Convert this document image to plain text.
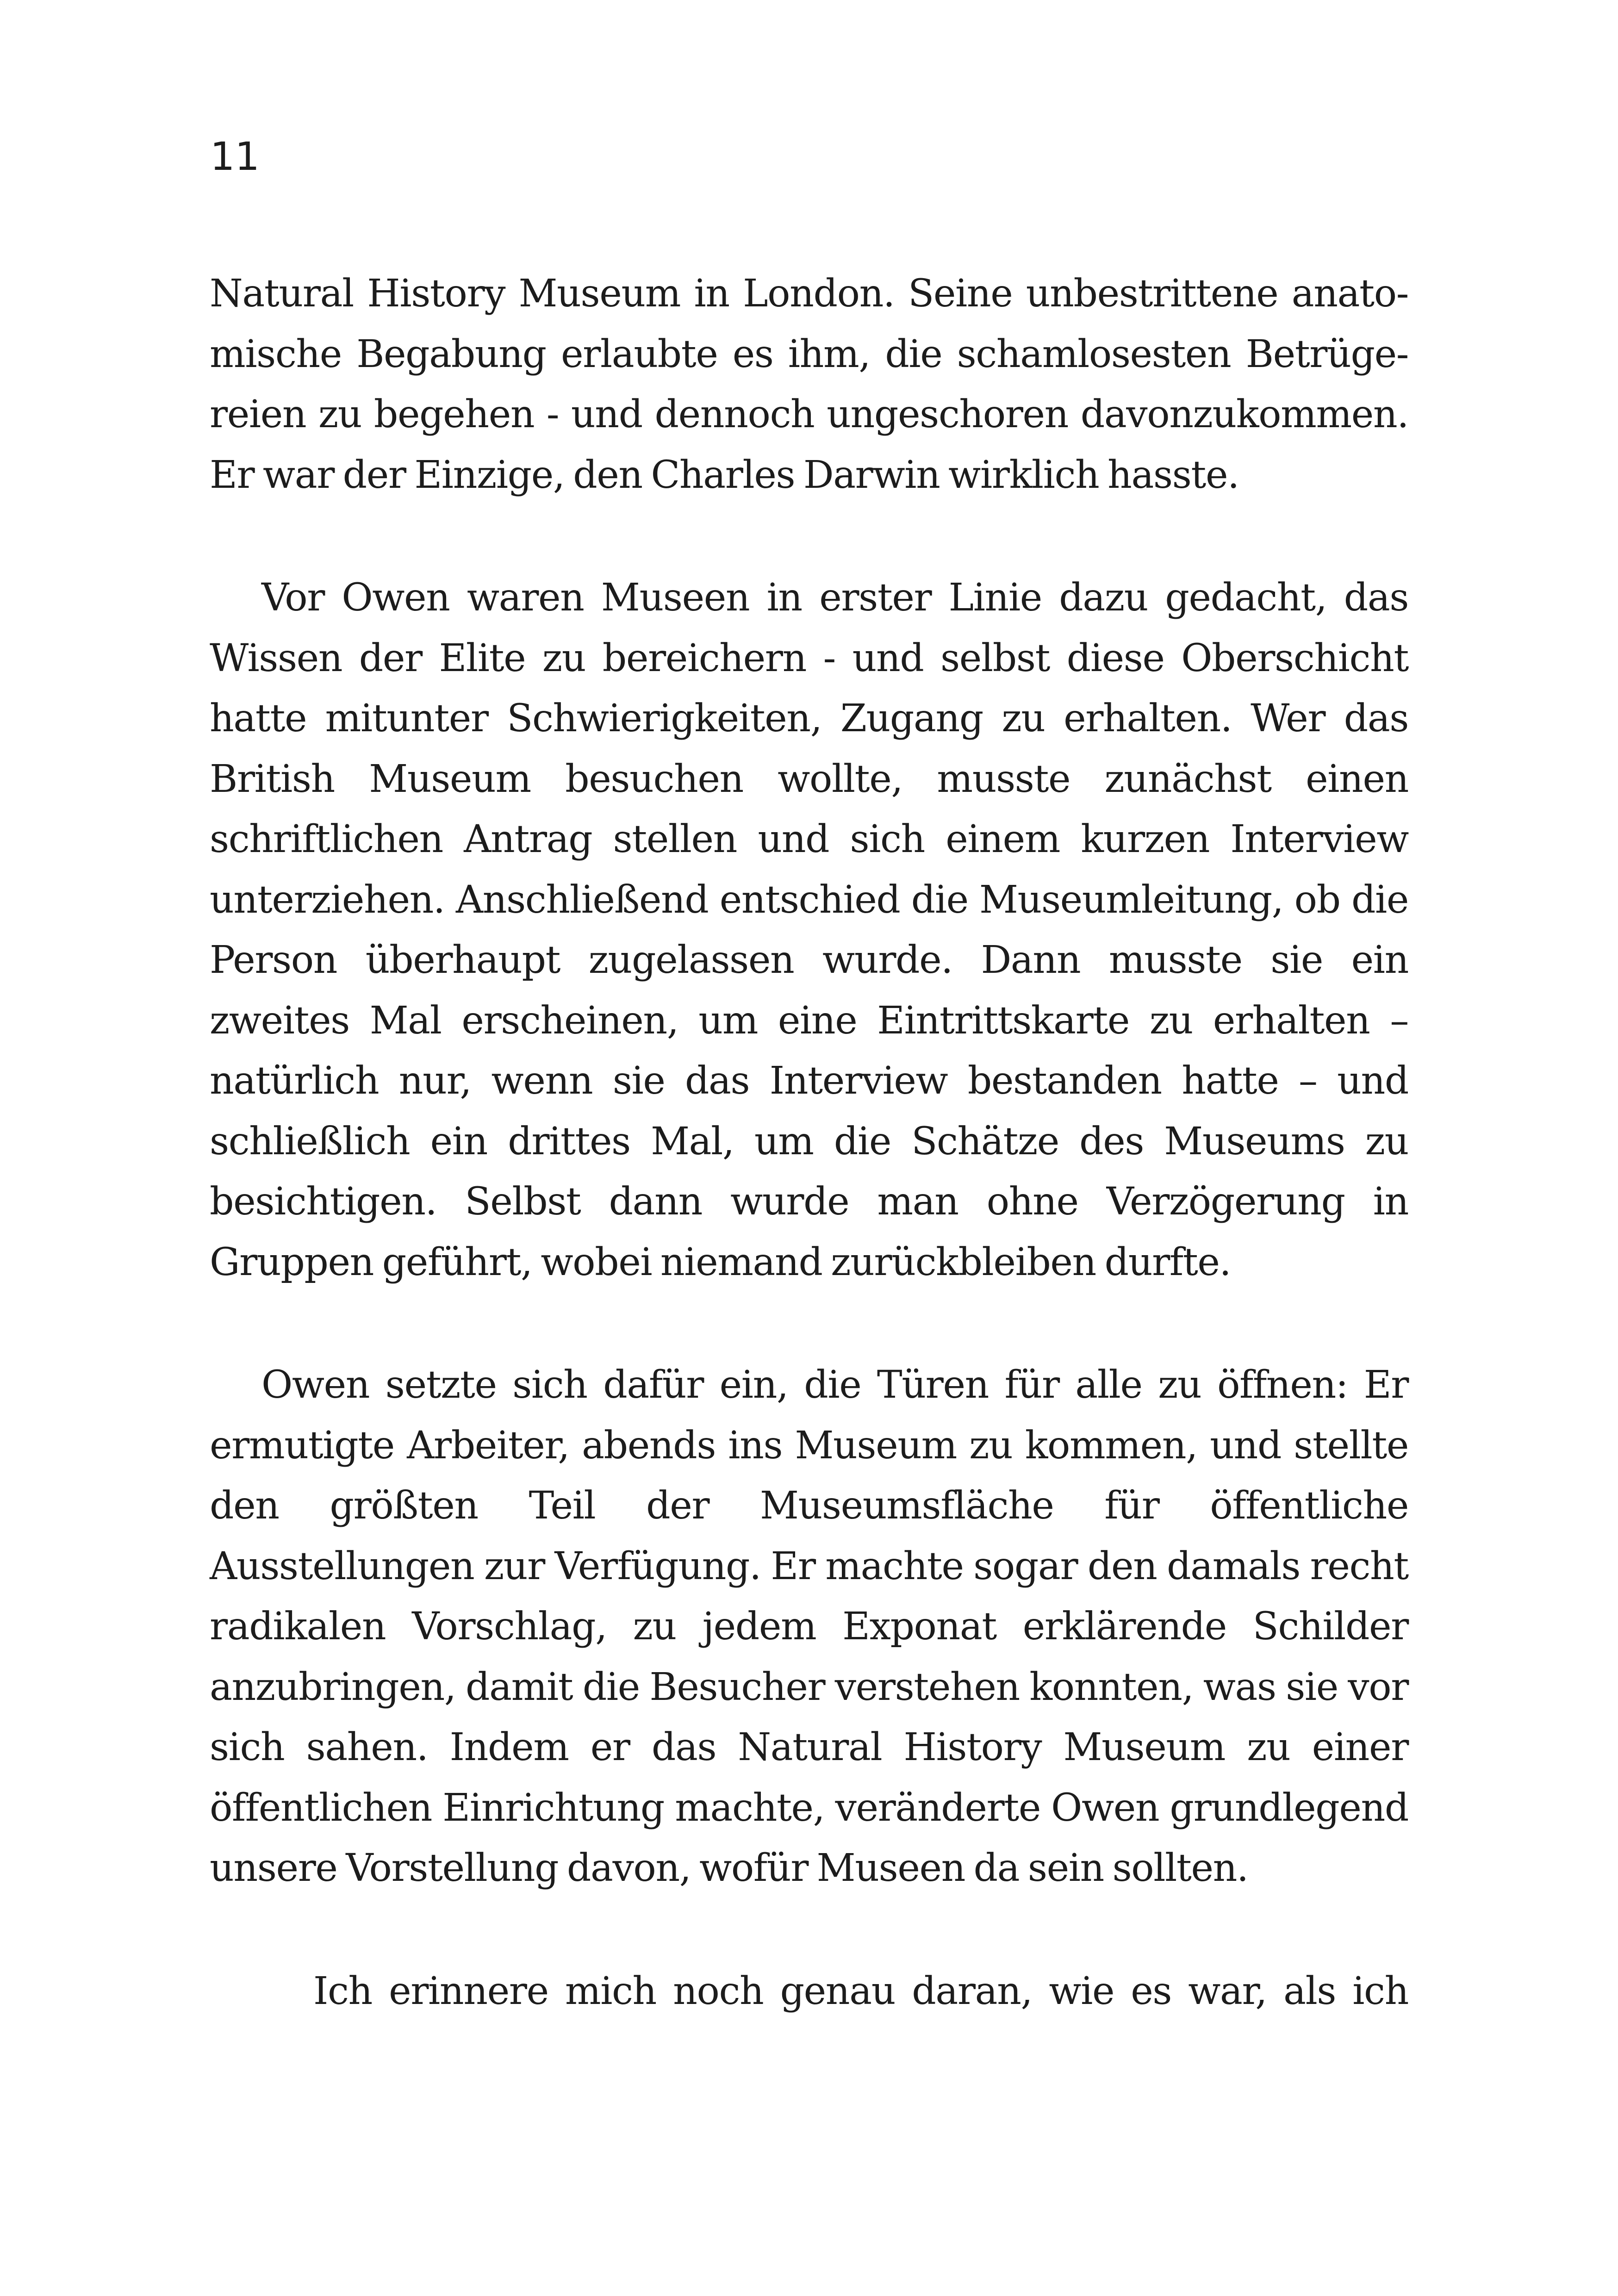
11
Natural History Museum in London. Seine unbestrittene anato-
mische Begabung erlaubte es ihm, die schamlosesten Betrüge-
reien zu begehen - und dennoch ungeschoren davonzukommen.
Er war der Einzige, den Charles Darwin wirklich hasste.
Vor Owen waren Museen in erster Linie dazu gedacht, das
Wissen der Elite zu bereichern - und selbst diese Oberschicht
hatte mitunter Schwierigkeiten, Zugang zu erhalten. Wer das
British Museum besuchen wollte, musste zunächst einen
schriftlichen Antrag stellen und sich einem kurzen Interview
unterziehen. Anschließend entschied die Museumleitung, ob die
Person überhaupt zugelassen wurde. Dann musste sie ein
zweites Mal erscheinen, um eine Eintrittskarte zu erhalten –
natürlich nur, wenn sie das Interview bestanden hatte – und
schließlich ein drittes Mal, um die Schätze des Museums zu
besichtigen. Selbst dann wurde man ohne Verzögerung in
Gruppen geführt, wobei niemand zurückbleiben durfte.
Owen setzte sich dafür ein, die Türen für alle zu öffnen: Er
ermutigte Arbeiter, abends ins Museum zu kommen, und stellte
den größten Teil der Museumsfläche für öffentliche
Ausstellungen zur Verfügung. Er machte sogar den damals recht
radikalen Vorschlag, zu jedem Exponat erklärende Schilder
anzubringen, damit die Besucher verstehen konnten, was sie vor
sich sahen. Indem er das Natural History Museum zu einer
öffentlichen Einrichtung machte, veränderte Owen grundlegend
unsere Vorstellung davon, wofür Museen da sein sollten.
Ich erinnere mich noch genau daran, wie es war, als ich
